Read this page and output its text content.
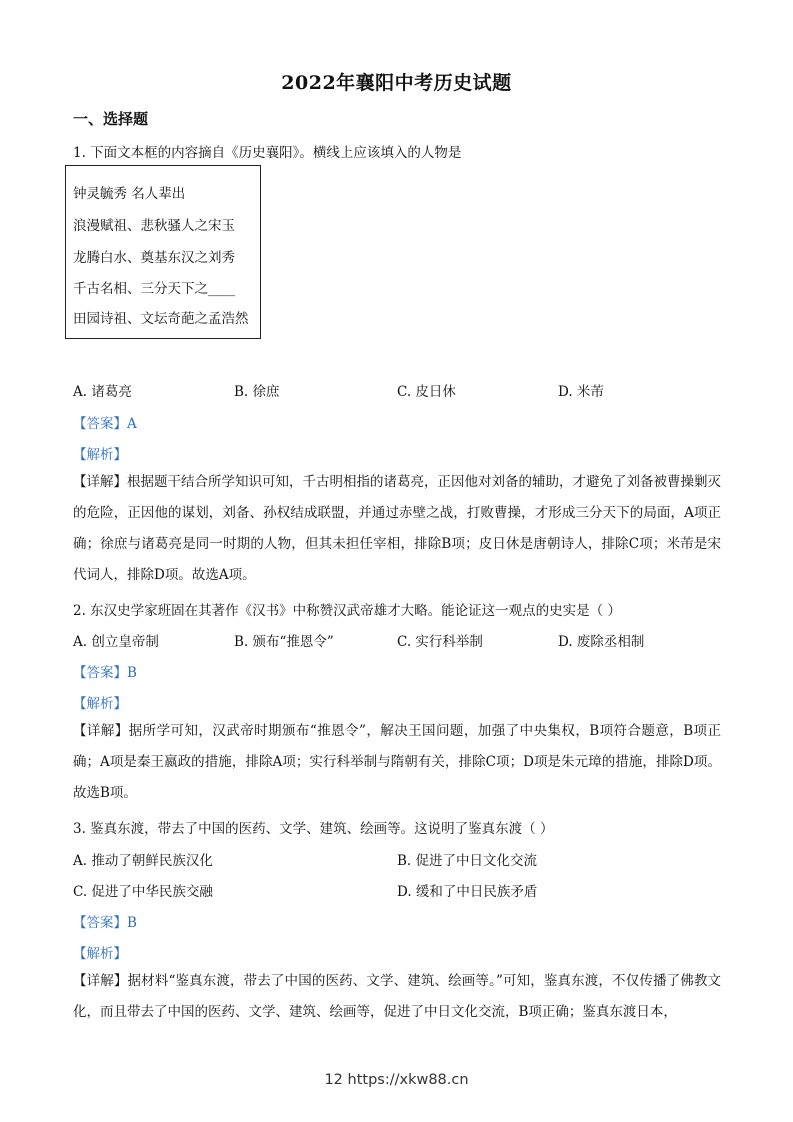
2022年襄阳中考历史试题
一、选择题
1. 下面文本框的内容摘自《历史襄阳》。横线上应该填入的人物是
钟灵毓秀 名人辈出
浪漫赋祖、悲秋骚人之宋玉
龙腾白水、奠基东汉之刘秀
千古名相、三分天下之____
田园诗祖、文坛奇葩之孟浩然
A. 诸葛亮	B. 徐庶	C. 皮日休	D. 米芾
【答案】A
【解析】
【详解】根据题干结合所学知识可知，千古明相指的诸葛亮，正因他对刘备的辅助，才避免了刘备被曹操剿灭的危险，正因他的谋划，刘备、孙权结成联盟，并通过赤壁之战，打败曹操，才形成三分天下的局面，A项正确；徐庶与诸葛亮是同一时期的人物，但其未担任宰相，排除B项；皮日休是唐朝诗人，排除C项；米芾是宋代词人，排除D项。故选A项。
2. 东汉史学家班固在其著作《汉书》中称赞汉武帝雄才大略。能论证这一观点的史实是（ ）
A. 创立皇帝制	B. 颁布“推恩令”	C. 实行科举制	D. 废除丞相制
【答案】B
【解析】
【详解】据所学可知，汉武帝时期颁布“推恩令”，解决王国问题，加强了中央集权，B项符合题意，B项正确；A项是秦王嬴政的措施，排除A项；实行科举制与隋朝有关，排除C项；D项是朱元璋的措施，排除D项。故选B项。
3. 鉴真东渡，带去了中国的医药、文学、建筑、绘画等。这说明了鉴真东渡（ ）
A. 推动了朝鲜民族汉化	B. 促进了中日文化交流
C. 促进了中华民族交融	D. 缓和了中日民族矛盾
【答案】B
【解析】
【详解】据材料“鉴真东渡，带去了中国的医药、文学、建筑、绘画等。”可知，鉴真东渡，不仅传播了佛教文化，而且带去了中国的医药、文学、建筑、绘画等，促进了中日文化交流，B项正确；鉴真东渡日本，
12 https://xkw88.cn
